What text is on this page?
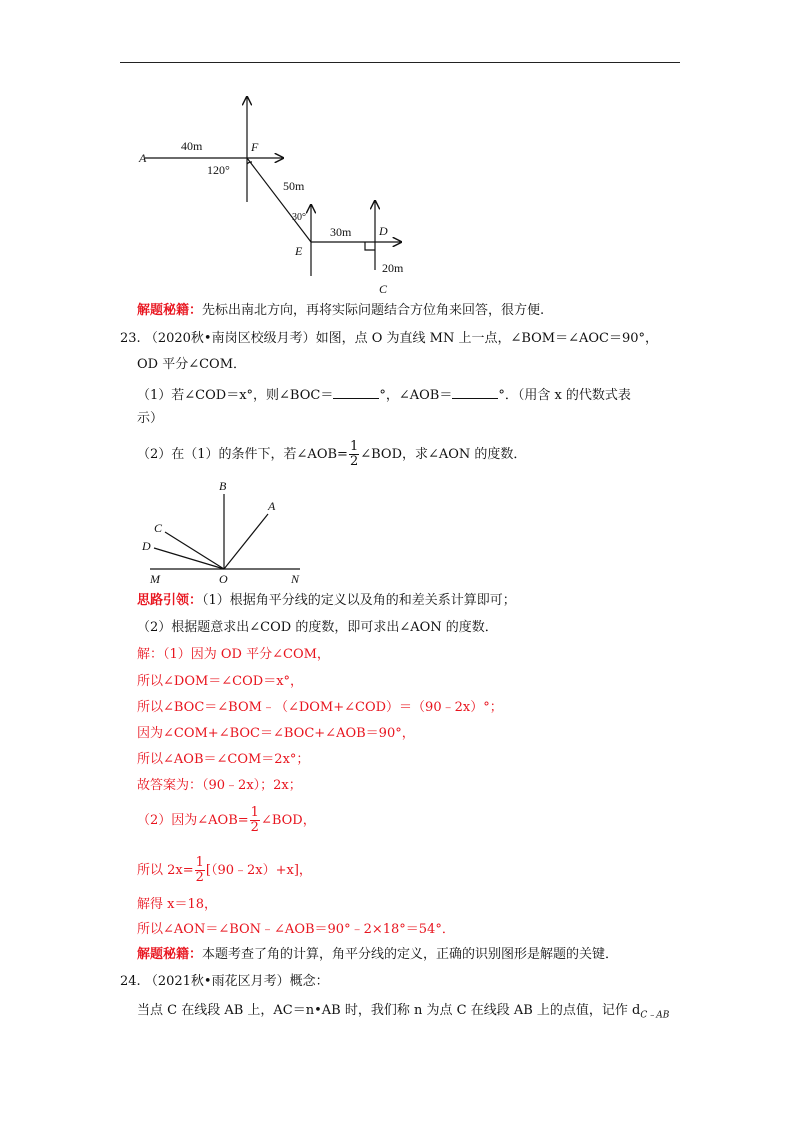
A
F
E
D
C
40m
50m
30m
20m
120°
30°
解题秘籍：先标出南北方向，再将实际问题结合方位角来回答，很方便.
23. （2020秋•南岗区校级月考）如图，点 O 为直线 MN 上一点，∠BOM＝∠AOC＝90°，
OD 平分∠COM．
（1）若∠COD＝x°，则∠BOC＝	°，∠AOB＝	°．（用含 x 的代数式表
示）
（2）在（1）的条件下，若∠AOB= $\frac{1}{2}$ ∠BOD，求∠AON 的度数．
B
A
C
D
M	O	N
思路引领：（1）根据角平分线的定义以及角的和差关系计算即可；
（2）根据题意求出∠COD 的度数，即可求出∠AON 的度数．
解：（1）因为 OD 平分∠COM，
所以∠DOM＝∠COD＝x°，
所以∠BOC＝∠BOM﹣（∠DOM+∠COD）＝（90﹣2x）°；
因为∠COM+∠BOC＝∠BOC+∠AOB＝90°，
所以∠AOB＝∠COM＝2x°；
故答案为：（90﹣2x）；2x；
（2）因为∠AOB= $\frac{1}{2}$ ∠BOD，
所以 $2x= \frac{1}{2}$ [（90﹣2x）+x]，
解得 x＝18，
所以∠AON＝∠BON﹣∠AOB＝90°﹣2×18°＝54°．
解题秘籍：本题考查了角的计算，角平分线的定义，正确的识别图形是解题的关键．
24. （2021秋•雨花区月考）概念：
当点 C 在线段 AB 上，AC＝n•AB 时，我们称 n 为点 C 在线段 AB 上的点值，记作 $d_{C﹣AB}$
